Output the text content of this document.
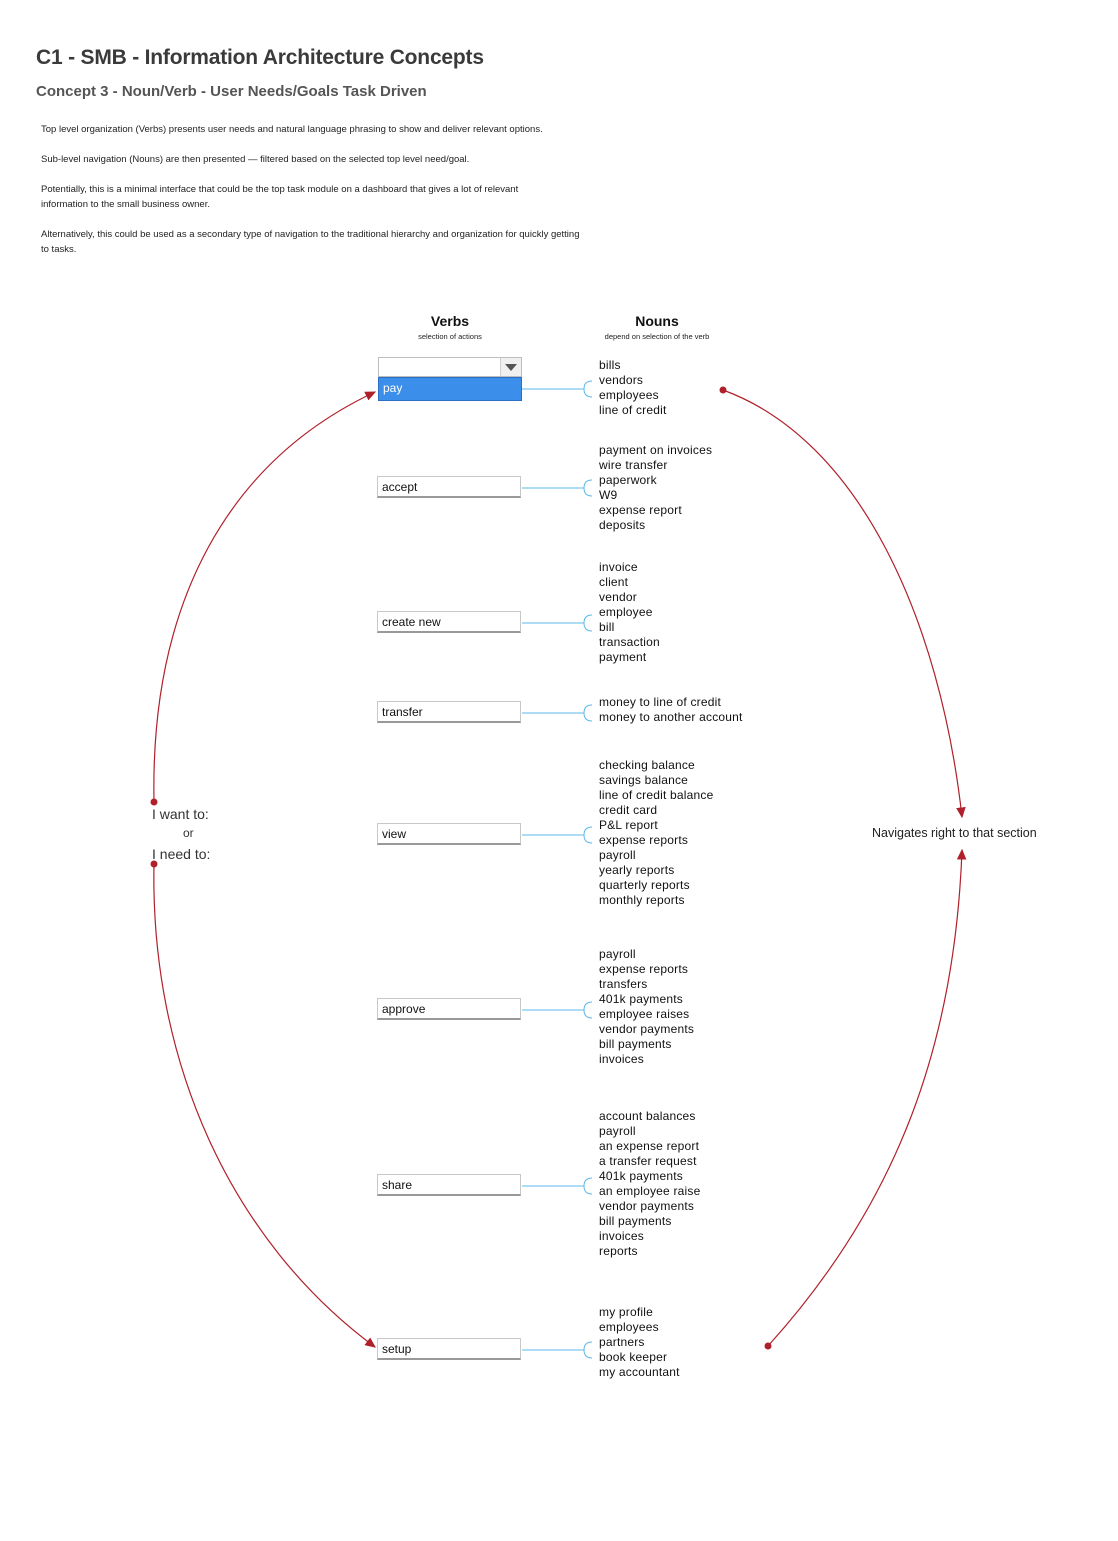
C1 - SMB - Information Architecture Concepts
Concept 3 - Noun/Verb - User Needs/Goals Task Driven
Top level organization (Verbs) presents user needs and natural language phrasing to show and deliver relevant options.
Sub-level navigation (Nouns) are then presented — filtered based on the selected top level need/goal.
Potentially, this is a minimal interface that could be the top task module on a dashboard that gives a lot of relevant information to the small business owner.
Alternatively, this could be used as a secondary type of navigation to the traditional hierarchy and organization for quickly getting to tasks.
Verbs
selection of actions
Nouns
depend on selection of the verb
pay
accept
create new
transfer
view
approve
share
setup
bills
vendors
employees
line of credit
payment on invoices
wire transfer
paperwork
W9
expense report
deposits
invoice
client
vendor
employee
bill
transaction
payment
money to line of credit
money to another account
checking balance
savings balance
line of credit balance
credit card
P&L report
expense reports
payroll
yearly reports
quarterly reports
monthly reports
payroll
expense reports
transfers
401k payments
employee raises
vendor payments
bill payments
invoices
account balances
payroll
an expense report
a transfer request
401k payments
an employee raise
vendor payments
bill payments
invoices
reports
my profile
employees
partners
book keeper
my accountant
I want to:
or
I need to:
Navigates right to that section
